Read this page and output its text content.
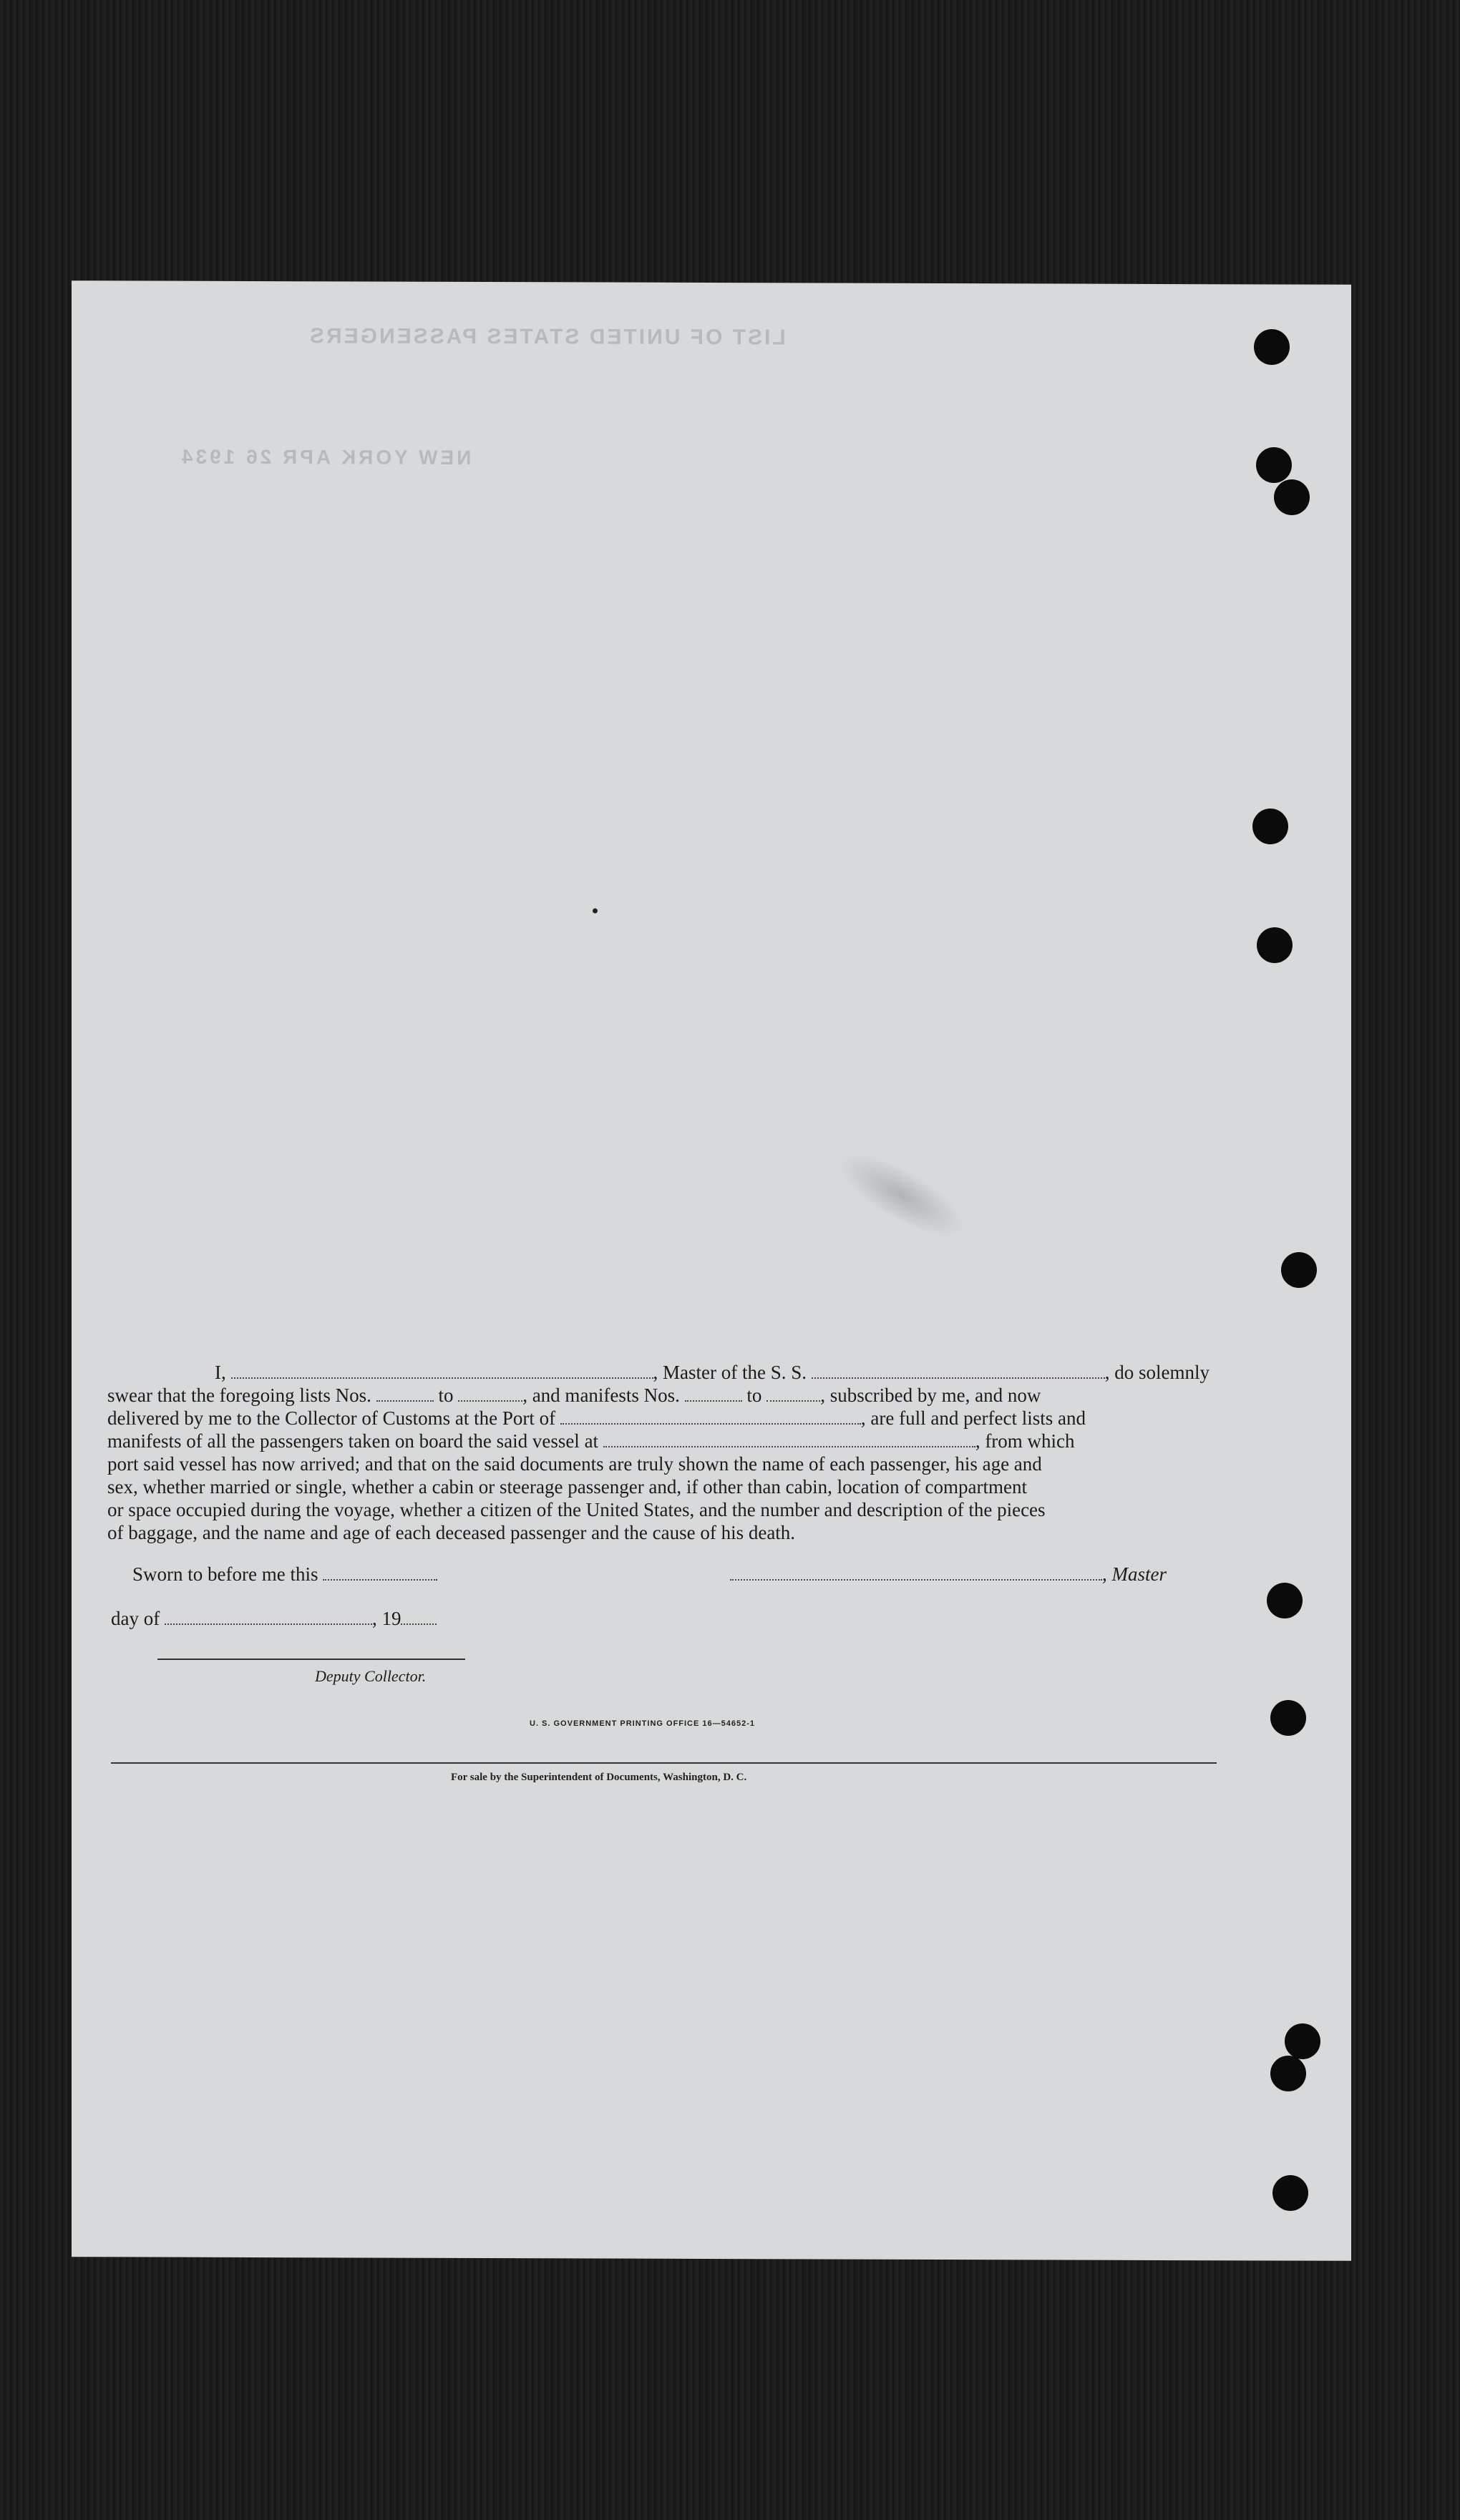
LIST OF UNITED STATES PASSENGERS
NEW YORK APR 26 1934
I,	, Master of the S. S.	, do solemnly
swear that the foregoing lists Nos.	to	, and manifests Nos.	to	, subscribed by me, and now
delivered by me to the Collector of Customs at the Port of	, are full and perfect lists and
manifests of all the passengers taken on board the said vessel at	, from which
port said vessel has now arrived; and that on the said documents are truly shown the name of each passenger, his age and
sex, whether married or single, whether a cabin or steerage passenger and, if other than cabin, location of compartment
or space occupied during the voyage, whether a citizen of the United States, and the number and description of the pieces
of baggage, and the name and age of each deceased passenger and the cause of his death.
Sworn to before me this	, Master
day of	, 19
Deputy Collector.
U. S. GOVERNMENT PRINTING OFFICE 16—54652-1
For sale by the Superintendent of Documents, Washington, D. C.
